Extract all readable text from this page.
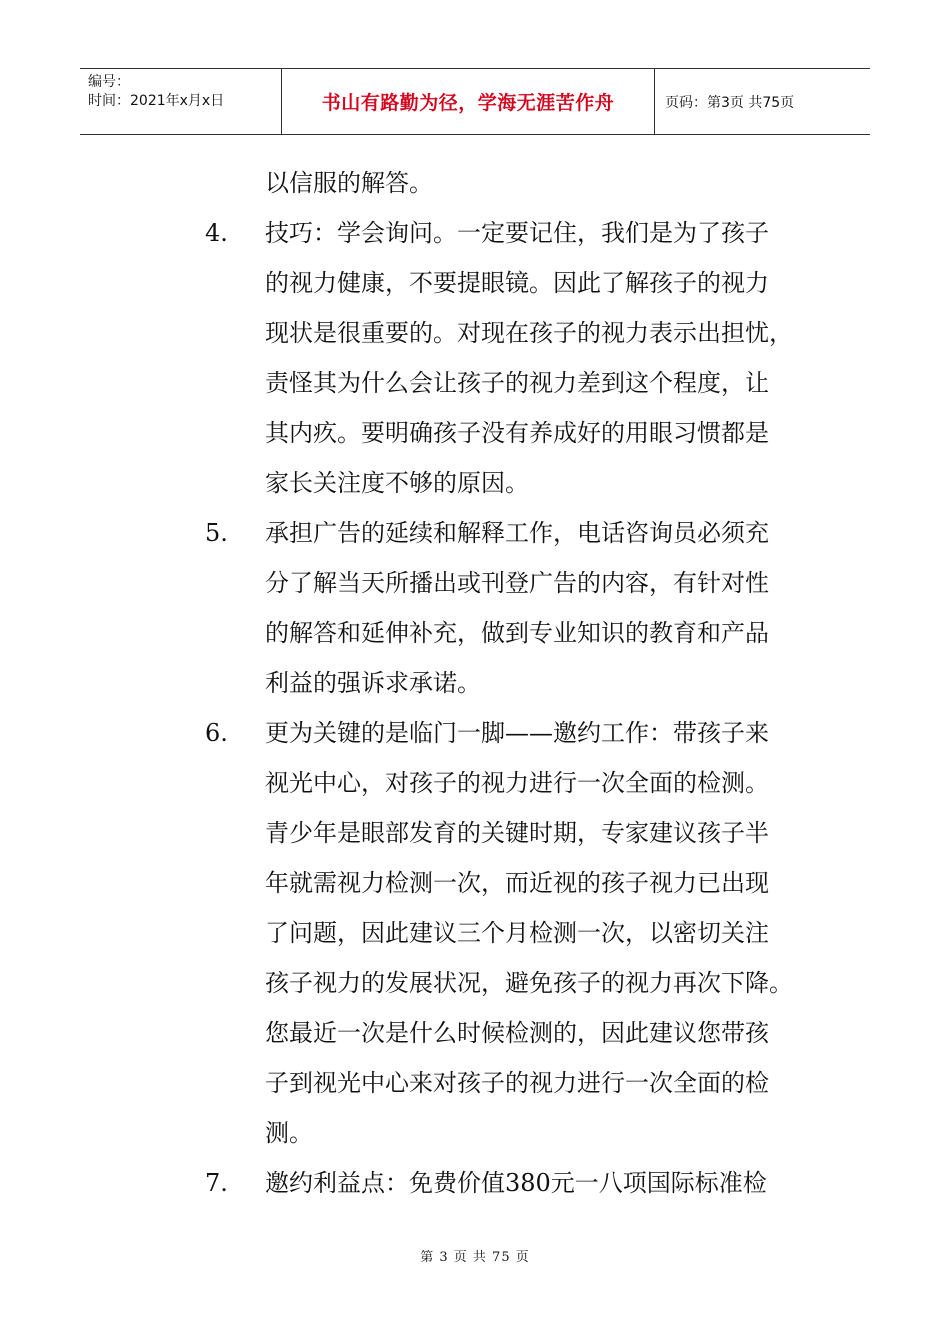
编号：
时间：2021年x月x日	书山有路勤为径，学海无涯苦作舟	页码：第3页 共75页
以信服的解答。
4. 技巧：学会询问。一定要记住，我们是为了孩子
的视力健康，不要提眼镜。因此了解孩子的视力
现状是很重要的。对现在孩子的视力表示出担忧，
责怪其为什么会让孩子的视力差到这个程度，让
其内疚。要明确孩子没有养成好的用眼习惯都是
家长关注度不够的原因。
5. 承担广告的延续和解释工作，电话咨询员必须充
分了解当天所播出或刊登广告的内容，有针对性
的解答和延伸补充，做到专业知识的教育和产品
利益的强诉求承诺。
6. 更为关键的是临门一脚——邀约工作：带孩子来
视光中心，对孩子的视力进行一次全面的检测。
青少年是眼部发育的关键时期，专家建议孩子半
年就需视力检测一次，而近视的孩子视力已出现
了问题，因此建议三个月检测一次，以密切关注
孩子视力的发展状况，避免孩子的视力再次下降。
您最近一次是什么时候检测的，因此建议您带孩
子到视光中心来对孩子的视力进行一次全面的检
测。
7. 邀约利益点：免费价值380元一八项国际标准检
第 3 页 共 75 页
